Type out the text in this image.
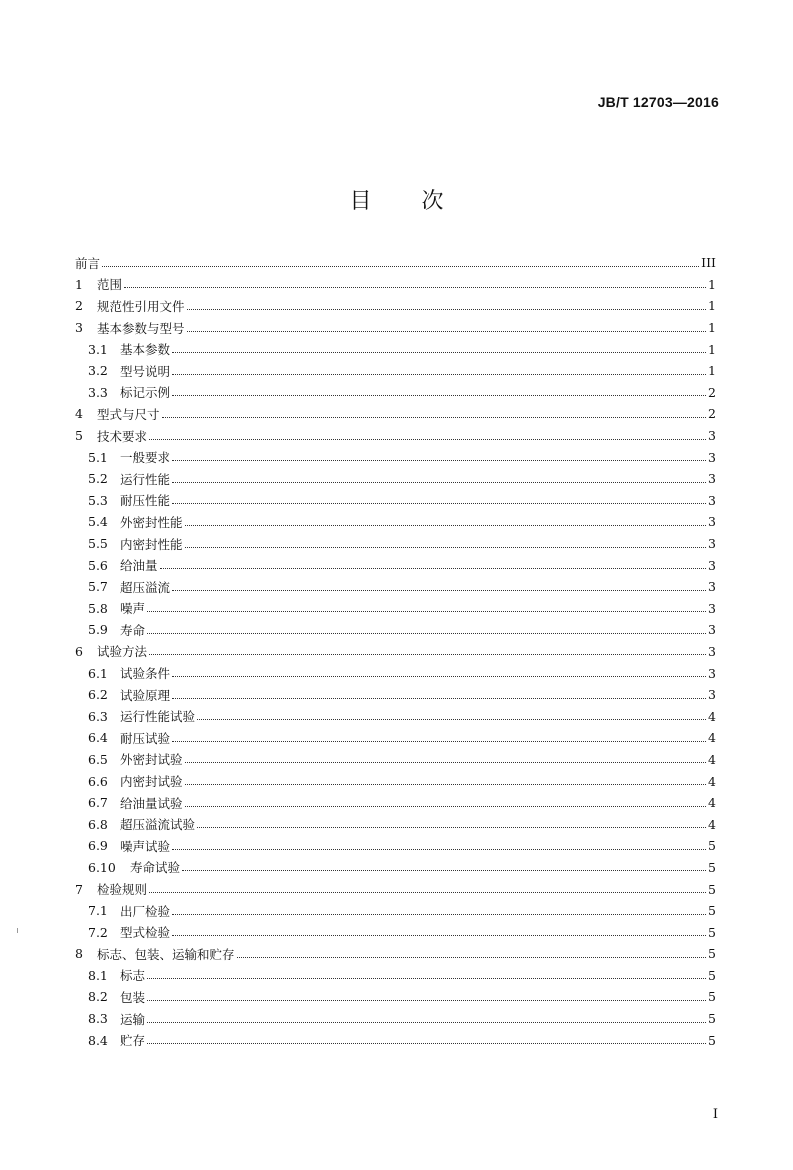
JB/T 12703—2016
目 次
前言	III
1	范围	1
2	规范性引用文件	1
3	基本参数与型号	1
3.1 基本参数	1
3.2 型号说明	1
3.3 标记示例	2
4	型式与尺寸	2
5	技术要求	3
5.1 一般要求	3
5.2 运行性能	3
5.3 耐压性能	3
5.4 外密封性能	3
5.5 内密封性能	3
5.6 给油量	3
5.7 超压溢流	3
5.8 噪声	3
5.9 寿命	3
6	试验方法	3
6.1 试验条件	3
6.2 试验原理	3
6.3 运行性能试验	4
6.4 耐压试验	4
6.5 外密封试验	4
6.6 内密封试验	4
6.7 给油量试验	4
6.8 超压溢流试验	4
6.9 噪声试验	5
6.10	寿命试验	5
7	检验规则	5
7.1 出厂检验	5
7.2 型式检验	5
8	标志、包装、运输和贮存	5
8.1 标志	5
8.2 包装	5
8.3 运输	5
8.4 贮存	5
I
